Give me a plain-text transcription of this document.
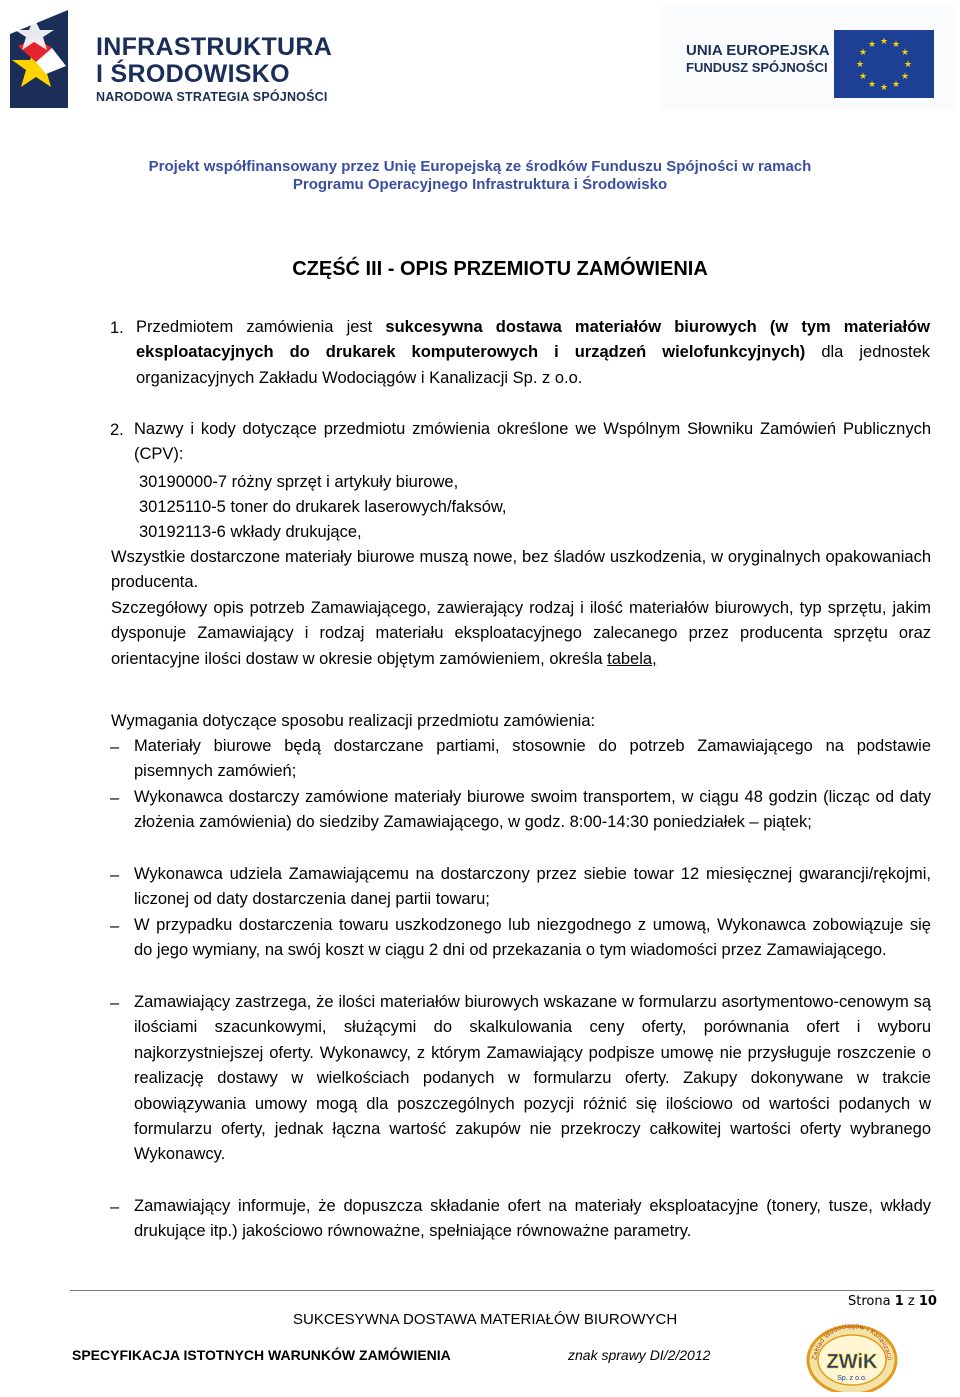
INFRASTRUKTURA
I ŚRODOWISKO
NARODOWA STRATEGIA SPÓJNOŚCI
UNIA EUROPEJSKA
FUNDUSZ SPÓJNOŚCI
★ ★
★
★
★
★
★
★
★
★
★
★
Projekt współfinansowany przez Unię Europejską ze środków Funduszu Spójności w ramach
Programu Operacyjnego Infrastruktura i Środowisko
CZĘŚĆ III - OPIS PRZEMIOTU ZAMÓWIENIA
1. Przedmiotem zamówienia jest sukcesywna dostawa materiałów biurowych (w tym materiałów eksploatacyjnych do drukarek komputerowych i urządzeń wielofunkcyjnych) dla jednostek organizacyjnych Zakładu Wodociągów i Kanalizacji Sp. z o.o.
2. Nazwy i kody dotyczące przedmiotu zmówienia określone we Wspólnym Słowniku Zamówień Publicznych (CPV):
30190000-7 różny sprzęt i artykuły biurowe,
30125110-5 toner do drukarek laserowych/faksów,
30192113-6 wkłady drukujące,
Wszystkie dostarczone materiały biurowe muszą nowe, bez śladów uszkodzenia, w oryginalnych opakowaniach producenta.
Szczegółowy opis potrzeb Zamawiającego, zawierający rodzaj i ilość materiałów biurowych, typ sprzętu, jakim dysponuje Zamawiający i rodzaj materiału eksploatacyjnego zalecanego przez producenta sprzętu oraz orientacyjne ilości dostaw w okresie objętym zamówieniem, określa tabela,
Wymagania dotyczące sposobu realizacji przedmiotu zamówienia:
– Materiały biurowe będą dostarczane partiami, stosownie do potrzeb Zamawiającego na podstawie pisemnych zamówień;
– Wykonawca dostarczy zamówione materiały biurowe swoim transportem, w ciągu 48 godzin (licząc od daty złożenia zamówienia) do siedziby Zamawiającego, w godz. 8:00-14:30 poniedziałek – piątek;
– Wykonawca udziela Zamawiającemu na dostarczony przez siebie towar 12 miesięcznej gwarancji/rękojmi, liczonej od daty dostarczenia danej partii towaru;
– W przypadku dostarczenia towaru uszkodzonego lub niezgodnego z umową, Wykonawca zobowiązuje się do jego wymiany, na swój koszt w ciągu 2 dni od przekazania o tym wiadomości przez Zamawiającego.
– Zamawiający zastrzega, że ilości materiałów biurowych wskazane w formularzu asortymentowo-cenowym są ilościami szacunkowymi, służącymi do skalkulowania ceny oferty, porównania ofert i wyboru najkorzystniejszej oferty. Wykonawcy, z którym Zamawiający podpisze umowę nie przysługuje roszczenie o realizację dostawy w wielkościach podanych w formularzu oferty. Zakupy dokonywane w trakcie obowiązywania umowy mogą dla poszczególnych pozycji różnić się ilościowo od wartości podanych w formularzu oferty, jednak łączna wartość zakupów nie przekroczy całkowitej wartości oferty wybranego Wykonawcy.
– Zamawiający informuje, że dopuszcza składanie ofert na materiały eksploatacyjne (tonery, tusze, wkłady drukujące itp.) jakościowo równoważne, spełniające równoważne parametry.
Strona 1 z 10
SUKCESYWNA DOSTAWA MATERIAŁÓW BIUROWYCH
SPECYFIKACJA ISTOTNYCH WARUNKÓW ZAMÓWIENIA	znak sprawy DI/2/2012	Zakład Wodociągów i Kanalizacji
ZWiK
Sp. z o.o.
